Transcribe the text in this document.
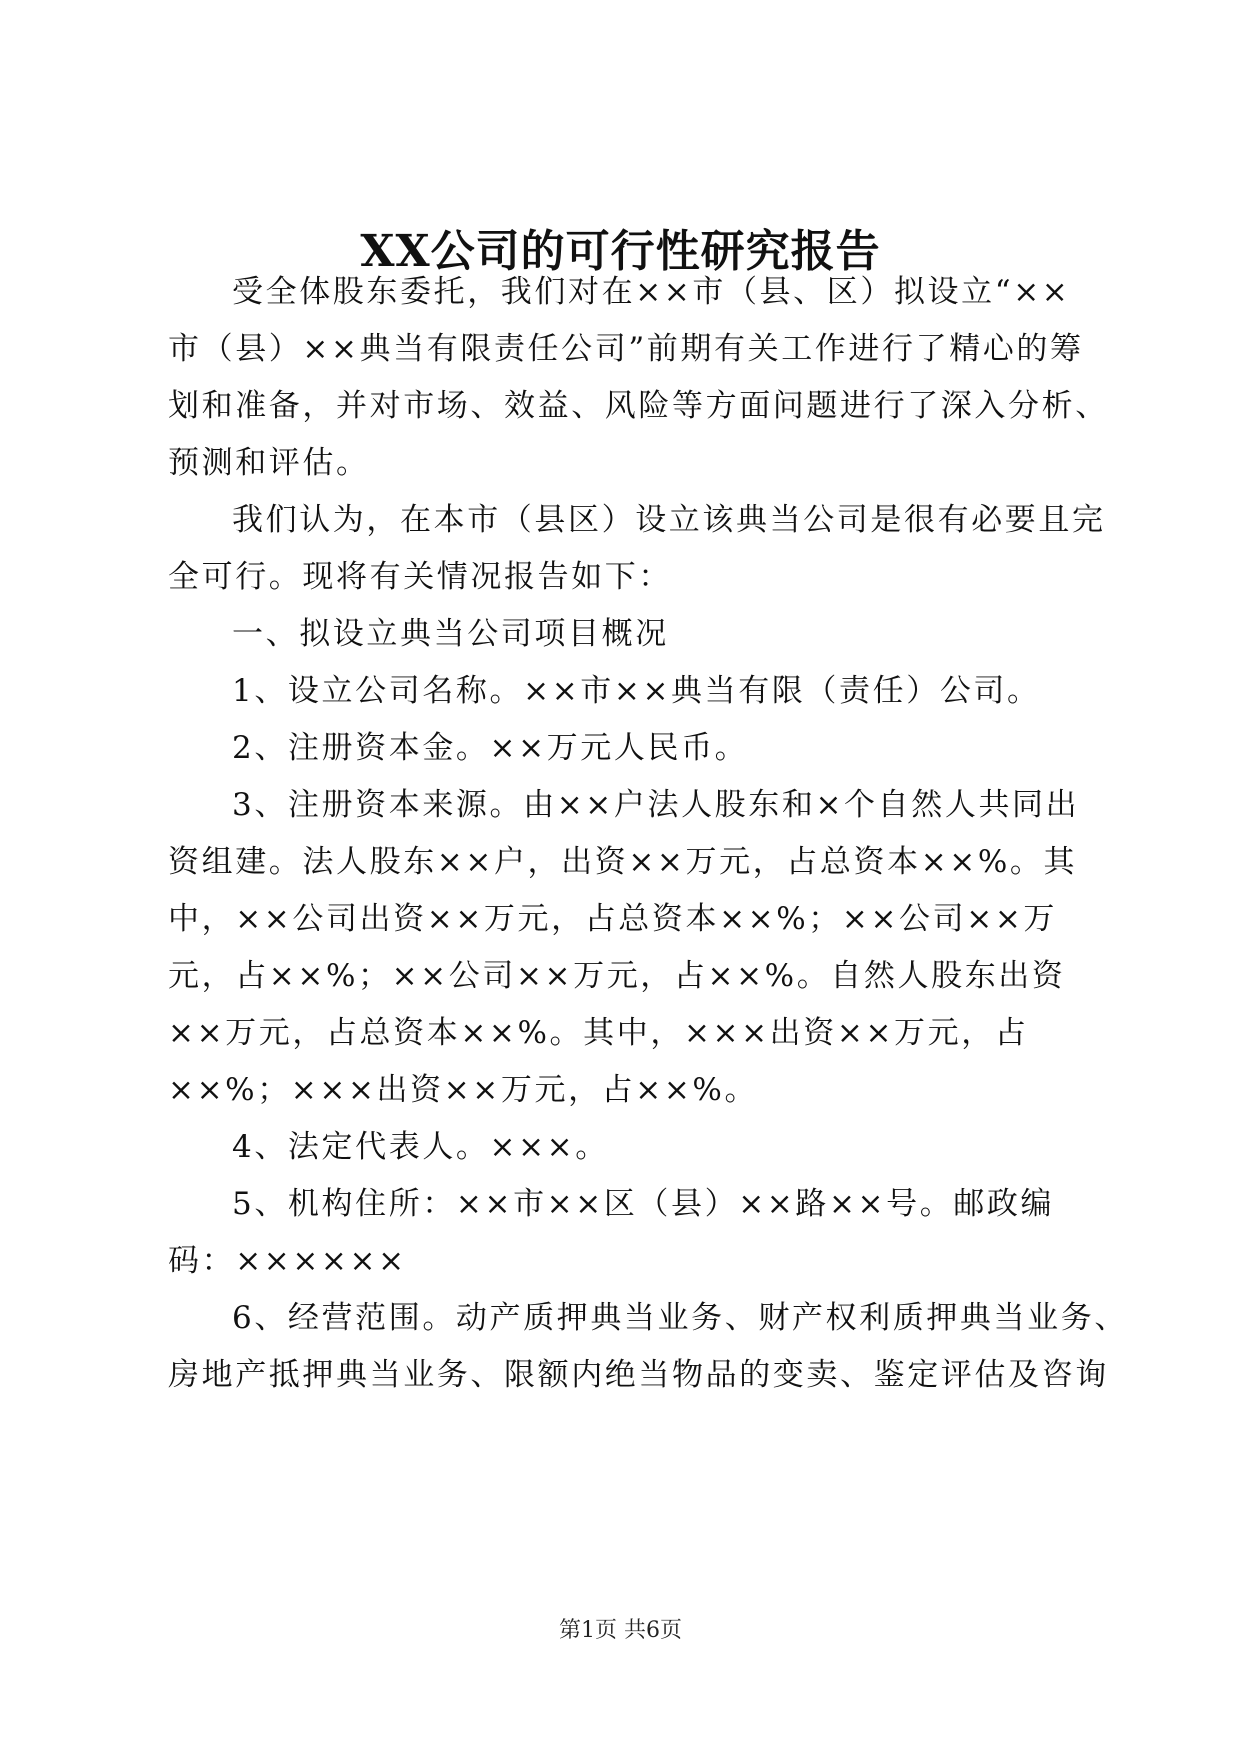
XX公司的可行性研究报告
受全体股东委托，我们对在××市（县、区）拟设立“××
市（县）××典当有限责任公司”前期有关工作进行了精心的筹
划和准备，并对市场、效益、风险等方面问题进行了深入分析、
预测和评估。
我们认为，在本市（县区）设立该典当公司是很有必要且完
全可行。现将有关情况报告如下：
一、拟设立典当公司项目概况
1、设立公司名称。××市××典当有限（责任）公司。
2、注册资本金。××万元人民币。
3、注册资本来源。由××户法人股东和×个自然人共同出
资组建。法人股东××户，出资××万元，占总资本××%。其
中，××公司出资××万元，占总资本××%；××公司××万
元，占××%；××公司××万元，占××%。自然人股东出资
××万元，占总资本××%。其中，×××出资××万元，占
××%；×××出资××万元，占××%。
4、法定代表人。×××。
5、机构住所：××市××区（县）××路××号。邮政编
码：××××××
6、经营范围。动产质押典当业务、财产权利质押典当业务、
房地产抵押典当业务、限额内绝当物品的变卖、鉴定评估及咨询
第1页 共6页
